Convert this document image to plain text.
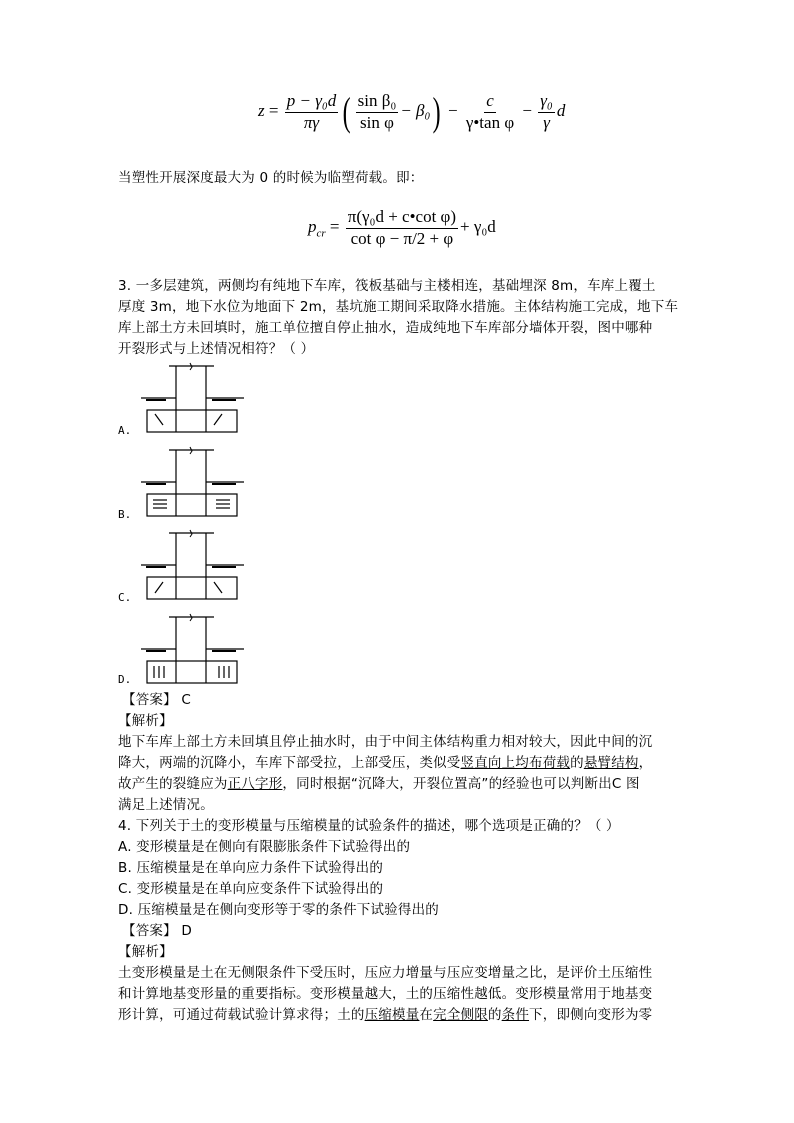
$z = \frac{\text{p − γ₀d}}{\pi\gamma}$ ( $\frac{\text{sin β₀}}{\text{sin φ}} - \beta_0) - \frac{c}{\text{γ•tan φ}} - \frac{\text{γ₀}}{\gamma}$ d
当塑性开展深度最大为 0 的时候为临塑荷载。即：
$p_{cr} = \frac{\text{π(γ₀d + c•cot φ)}}{\text{cot φ − π/2 + φ}} + \gamma_0d$
3. 一多层建筑，两侧均有纯地下车库，筏板基础与主楼相连，基础埋深 8m，车库上覆土
厚度 3m，地下水位为地面下 2m，基坑施工期间采取降水措施。主体结构施工完成，地下车
库上部土方未回填时，施工单位擅自停止抽水，造成纯地下车库部分墙体开裂，图中哪种
开裂形式与上述情况相符？（ ）
A.
B.
C.
D.
【答案】 C
【解析】
地下车库上部土方未回填且停止抽水时，由于中间主体结构重力相对较大，因此中间的沉
降大，两端的沉降小，车库下部受拉，上部受压，类似受竖直向上均布荷载的悬臂结构，
故产生的裂缝应为正八字形，同时根据“沉降大，开裂位置高”的经验也可以判断出C 图
满足上述情况。
4. 下列关于土的变形模量与压缩模量的试验条件的描述，哪个选项是正确的？（ ）
A. 变形模量是在侧向有限膨胀条件下试验得出的
B. 压缩模量是在单向应力条件下试验得出的
C. 变形模量是在单向应变条件下试验得出的
D. 压缩模量是在侧向变形等于零的条件下试验得出的
【答案】 D
【解析】
土变形模量是土在无侧限条件下受压时，压应力增量与压应变增量之比，是评价土压缩性
和计算地基变形量的重要指标。变形模量越大，土的压缩性越低。变形模量常用于地基变
形计算，可通过荷载试验计算求得；土的压缩模量在完全侧限的条件下，即侧向变形为零
